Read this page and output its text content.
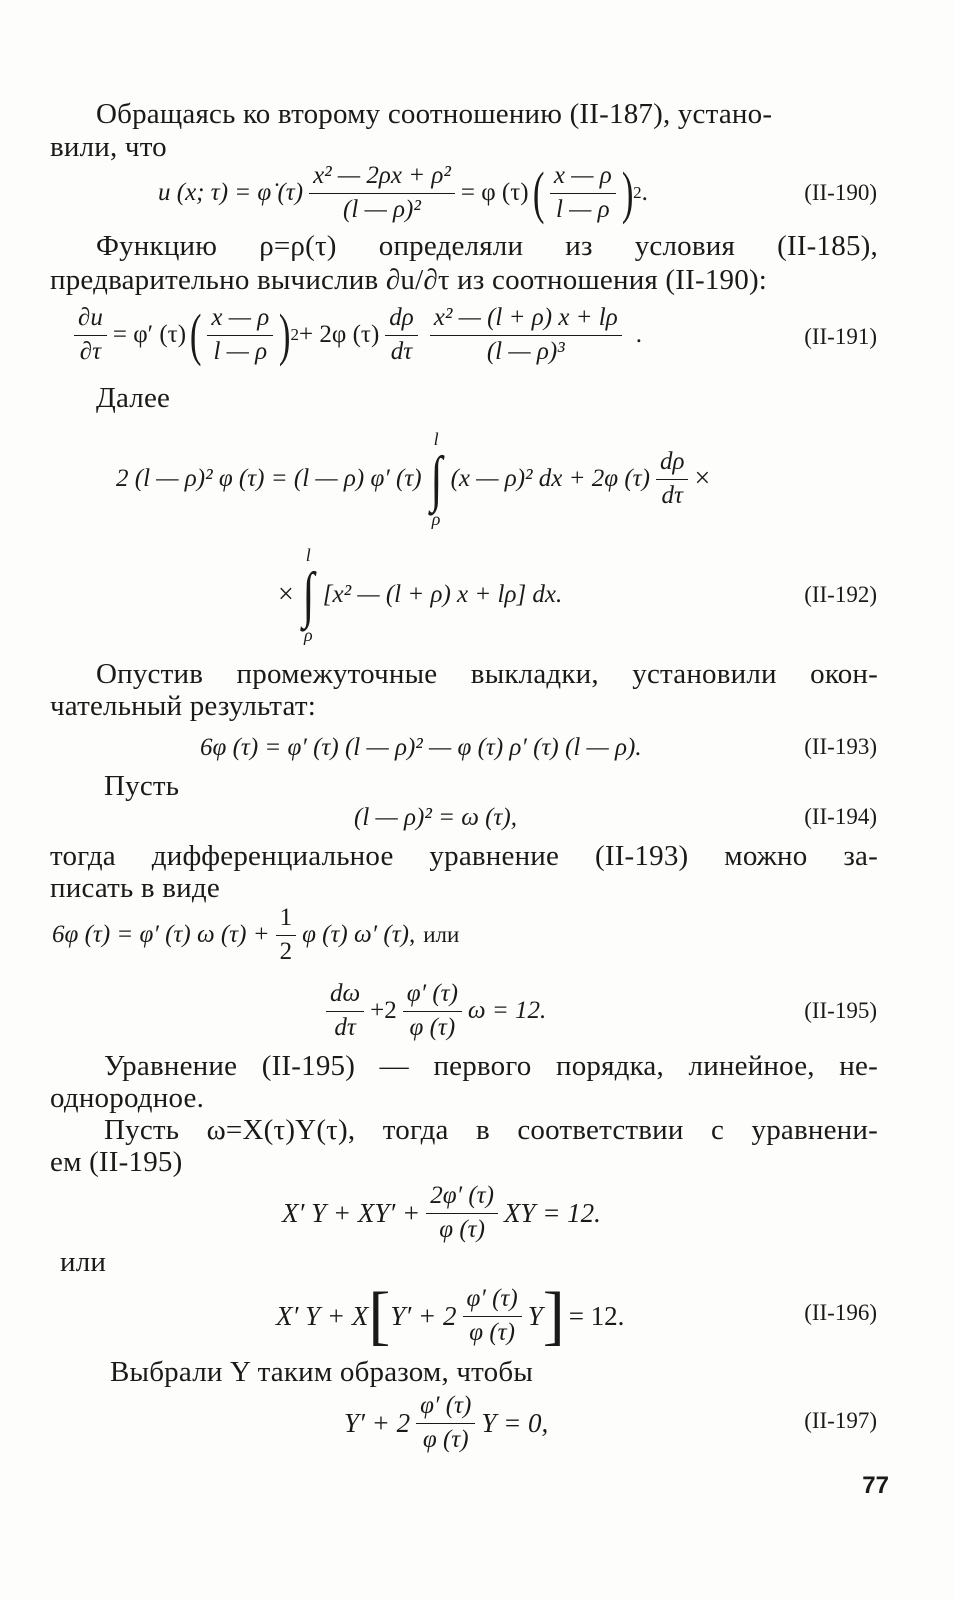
Обращаясь ко второму соотношению (II-187), устано-
вили, что
u (x; τ) = φ̇ $(\tau) \frac{\text{x² — 2ρx + ρ²}}{\text{(l — ρ)²}} = \varphi$ (τ) ( $\frac{x — \rho}{l — \rho}$ ) 2 .	(II-190)
Функцию ρ=ρ(τ) определяли из условия (II-185),
предварительно вычислив ∂u/∂τ из соотношения (II-190):
$\frac{\partial u}{\partial\tau} = \varphi'$ (τ) ( $\frac{x — \rho}{l — \rho}$ ) 2 + 2φ $(\tau) \frac{d\rho}{d\tau} \frac{\text{x² — (l + ρ) x + lρ}}{\text{(l — ρ)³}}$ .	(II-191)
Далее
2 (l — ρ)² φ (τ) = (l — ρ) φ′ (τ)
l
∫
ρ
(x — ρ)² dx + 2φ $(\tau) \frac{d\rho}{d\tau}$ ×
×
l
∫
ρ
[x² — (l + ρ) x + lρ] dx.	(II-192)
Опустив промежуточные выкладки, установили окон-
чательный результат:
6φ (τ) = φ′ (τ) (l — ρ)² — φ (τ) ρ′ (τ) (l — ρ).	(II-193)
Пусть
(l — ρ)² = ω (τ),	(II-194)
тогда дифференциальное уравнение (II-193) можно за-
писать в виде
6φ (τ) = φ′ (τ) ω $(\tau) + \frac{1}{2}$ φ (τ) ω′ (τ), или
$\frac{d\omega}{d\tau} +2 \frac{\varphi' (\tau)}{\varphi (\tau)}$ ω = 12.	(II-195)
Уравнение (II-195) — первого порядка, линейное, не-
однородное.
Пусть ω=X(τ)Y(τ), тогда в соответствии с уравнени-
ем (II-195)
X′ $Y + XY' + \frac{2\varphi' (\tau)}{\varphi (\tau)}$ XY = 12.
или
X′ Y + X [ $Y' + 2 \frac{\varphi' (\tau)}{\varphi (\tau)}$ Y ] = 12.	(II-196)
Выбрали Y таким образом, чтобы
$Y' + 2 \frac{\varphi' (\tau)}{\varphi (\tau)}$ Y = 0,	(II-197)
77
